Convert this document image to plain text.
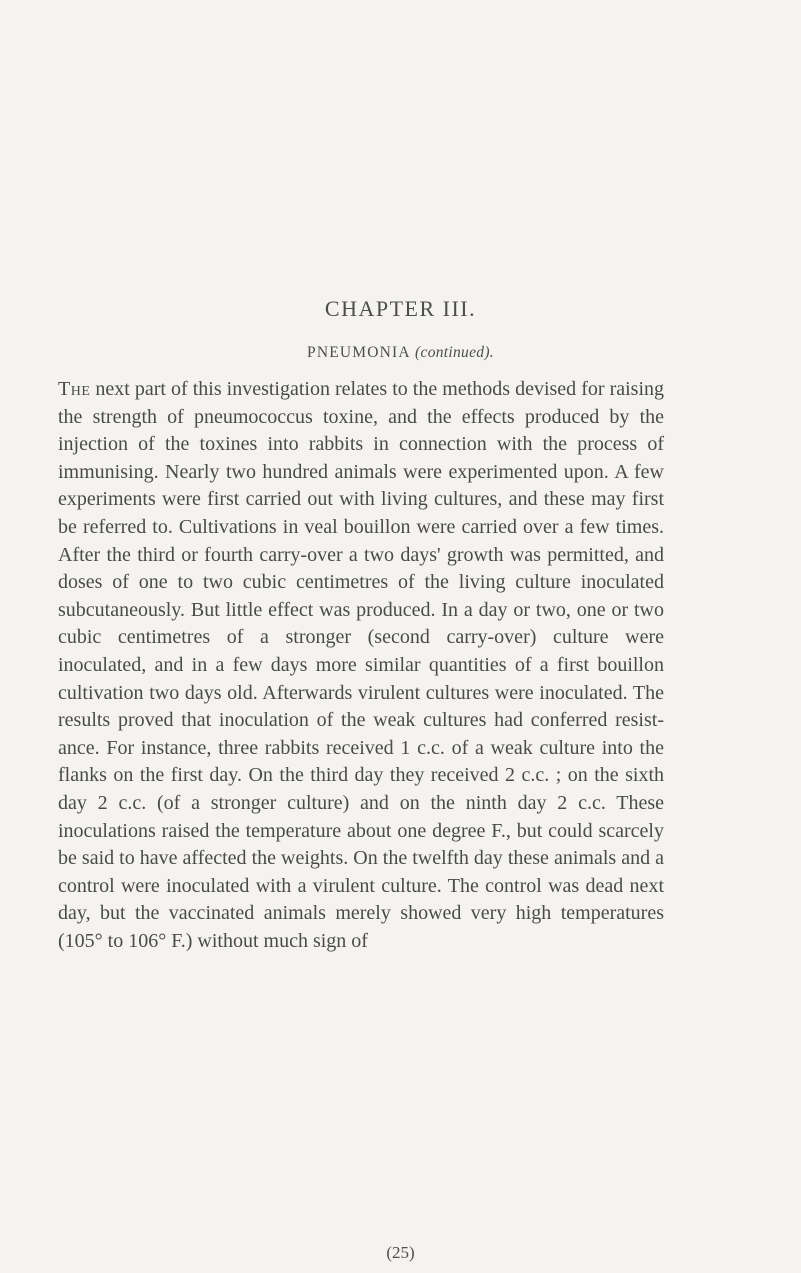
CHAPTER III.
PNEUMONIA (continued).

The next part of this investigation relates to the methods devised for raising the strength of pneumococcus toxine, and the effects produced by the injection of the toxines into rabbits in connection with the process of immunising. Nearly two hundred animals were experimented upon. A few experiments were first carried out with living cultures, and these may first be referred to. Cultivations in veal bouillon were carried over a few times. After the third or fourth carry-over a two days' growth was permitted, and doses of one to two cubic centimetres of the living culture inoculated subcutaneously. But little effect was produced. In a day or two, one or two cubic centimetres of a stronger (second carry-over) culture were inoculated, and in a few days more similar quantities of a first bouillon cultivation two days old. Afterwards virulent cultures were inoculated. The results proved that inoculation of the weak cultures had conferred resist-ance. For instance, three rabbits received 1 c.c. of a weak culture into the flanks on the first day. On the third day they received 2 c.c. ; on the sixth day 2 c.c. (of a stronger culture) and on the ninth day 2 c.c. These inoculations raised the temperature about one degree F., but could scarcely be said to have affected the weights. On the twelfth day these animals and a control were inoculated with a virulent culture. The control was dead next day, but the vaccinated animals merely showed very high temperatures (105° to 106° F.) without much sign of

(25)
